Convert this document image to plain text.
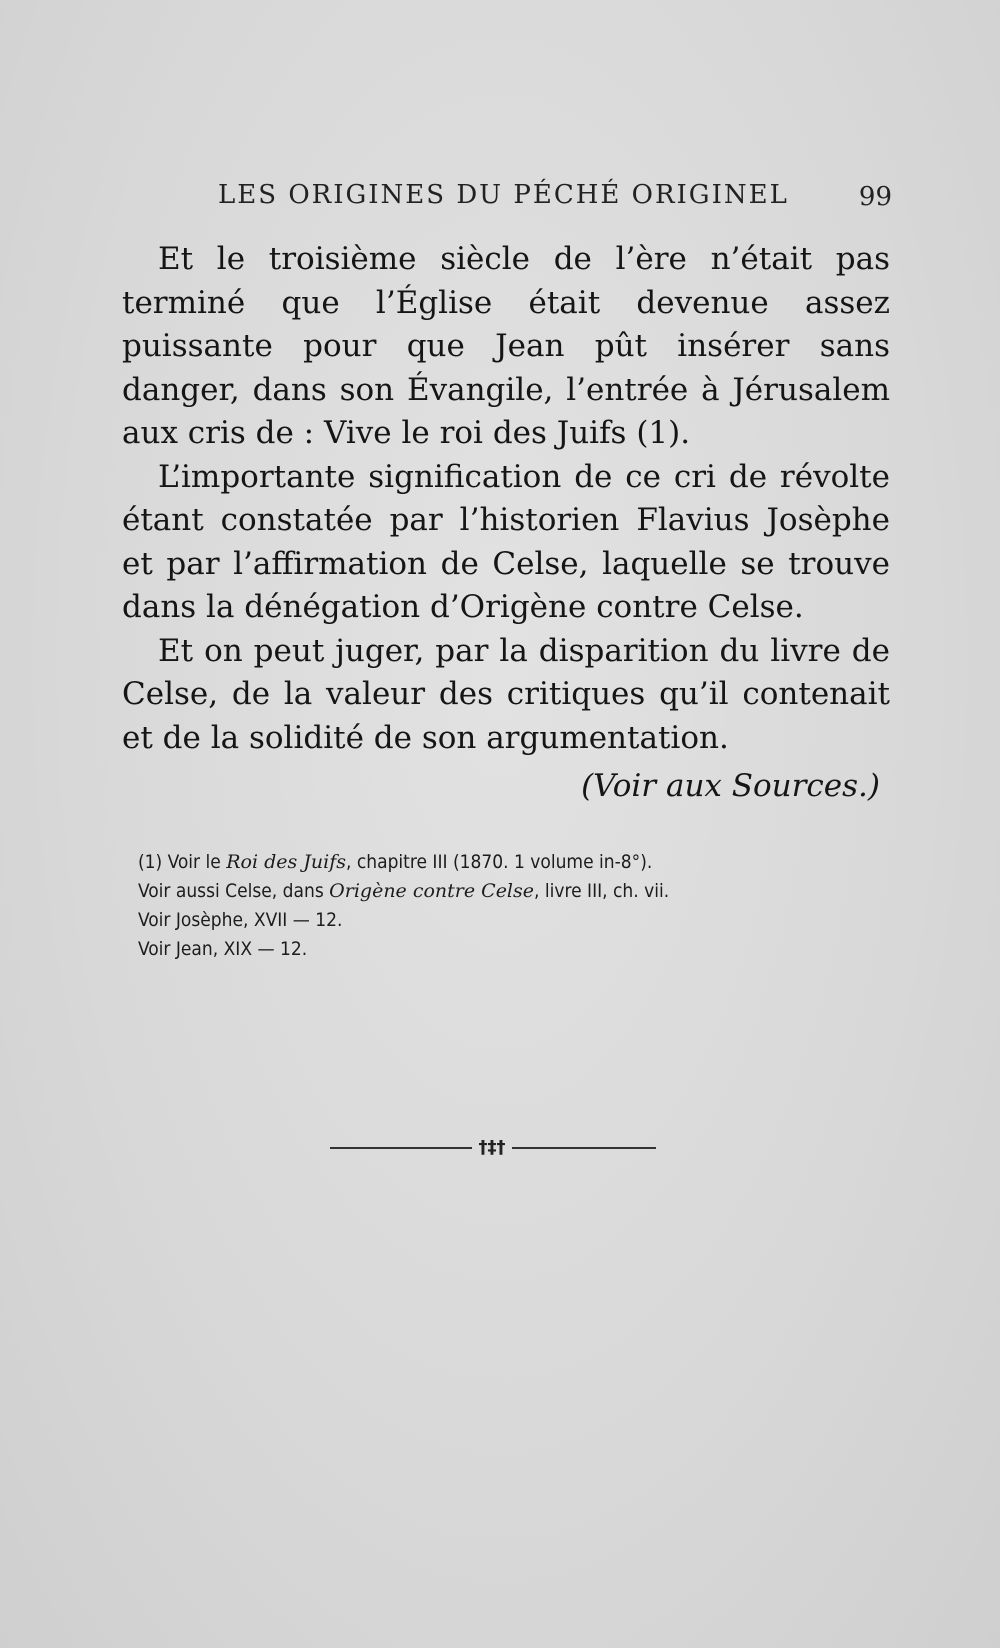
LES ORIGINES DU PÉCHÉ ORIGINEL	99

Et le troisième siècle de l’ère n’était pas terminé que l’Église était devenue assez puissante pour que Jean pût insérer sans danger, dans son Évangile, l’entrée à Jérusalem aux cris de : Vive le roi des Juifs (1).

L’importante signification de ce cri de révolte étant constatée par l’historien Flavius Josèphe et par l’affirmation de Celse, laquelle se trouve dans la dénégation d’Origène contre Celse.

Et on peut juger, par la disparition du livre de Celse, de la valeur des critiques qu’il contenait et de la solidité de son argumentation.

(Voir aux Sources.)
(1) Voir le Roi des Juifs, chapitre III (1870. 1 volume in-8°).
Voir aussi Celse, dans Origène contre Celse, livre III, ch. vii.
Voir Josèphe, XVII — 12.
Voir Jean, XIX — 12.
†‡†
